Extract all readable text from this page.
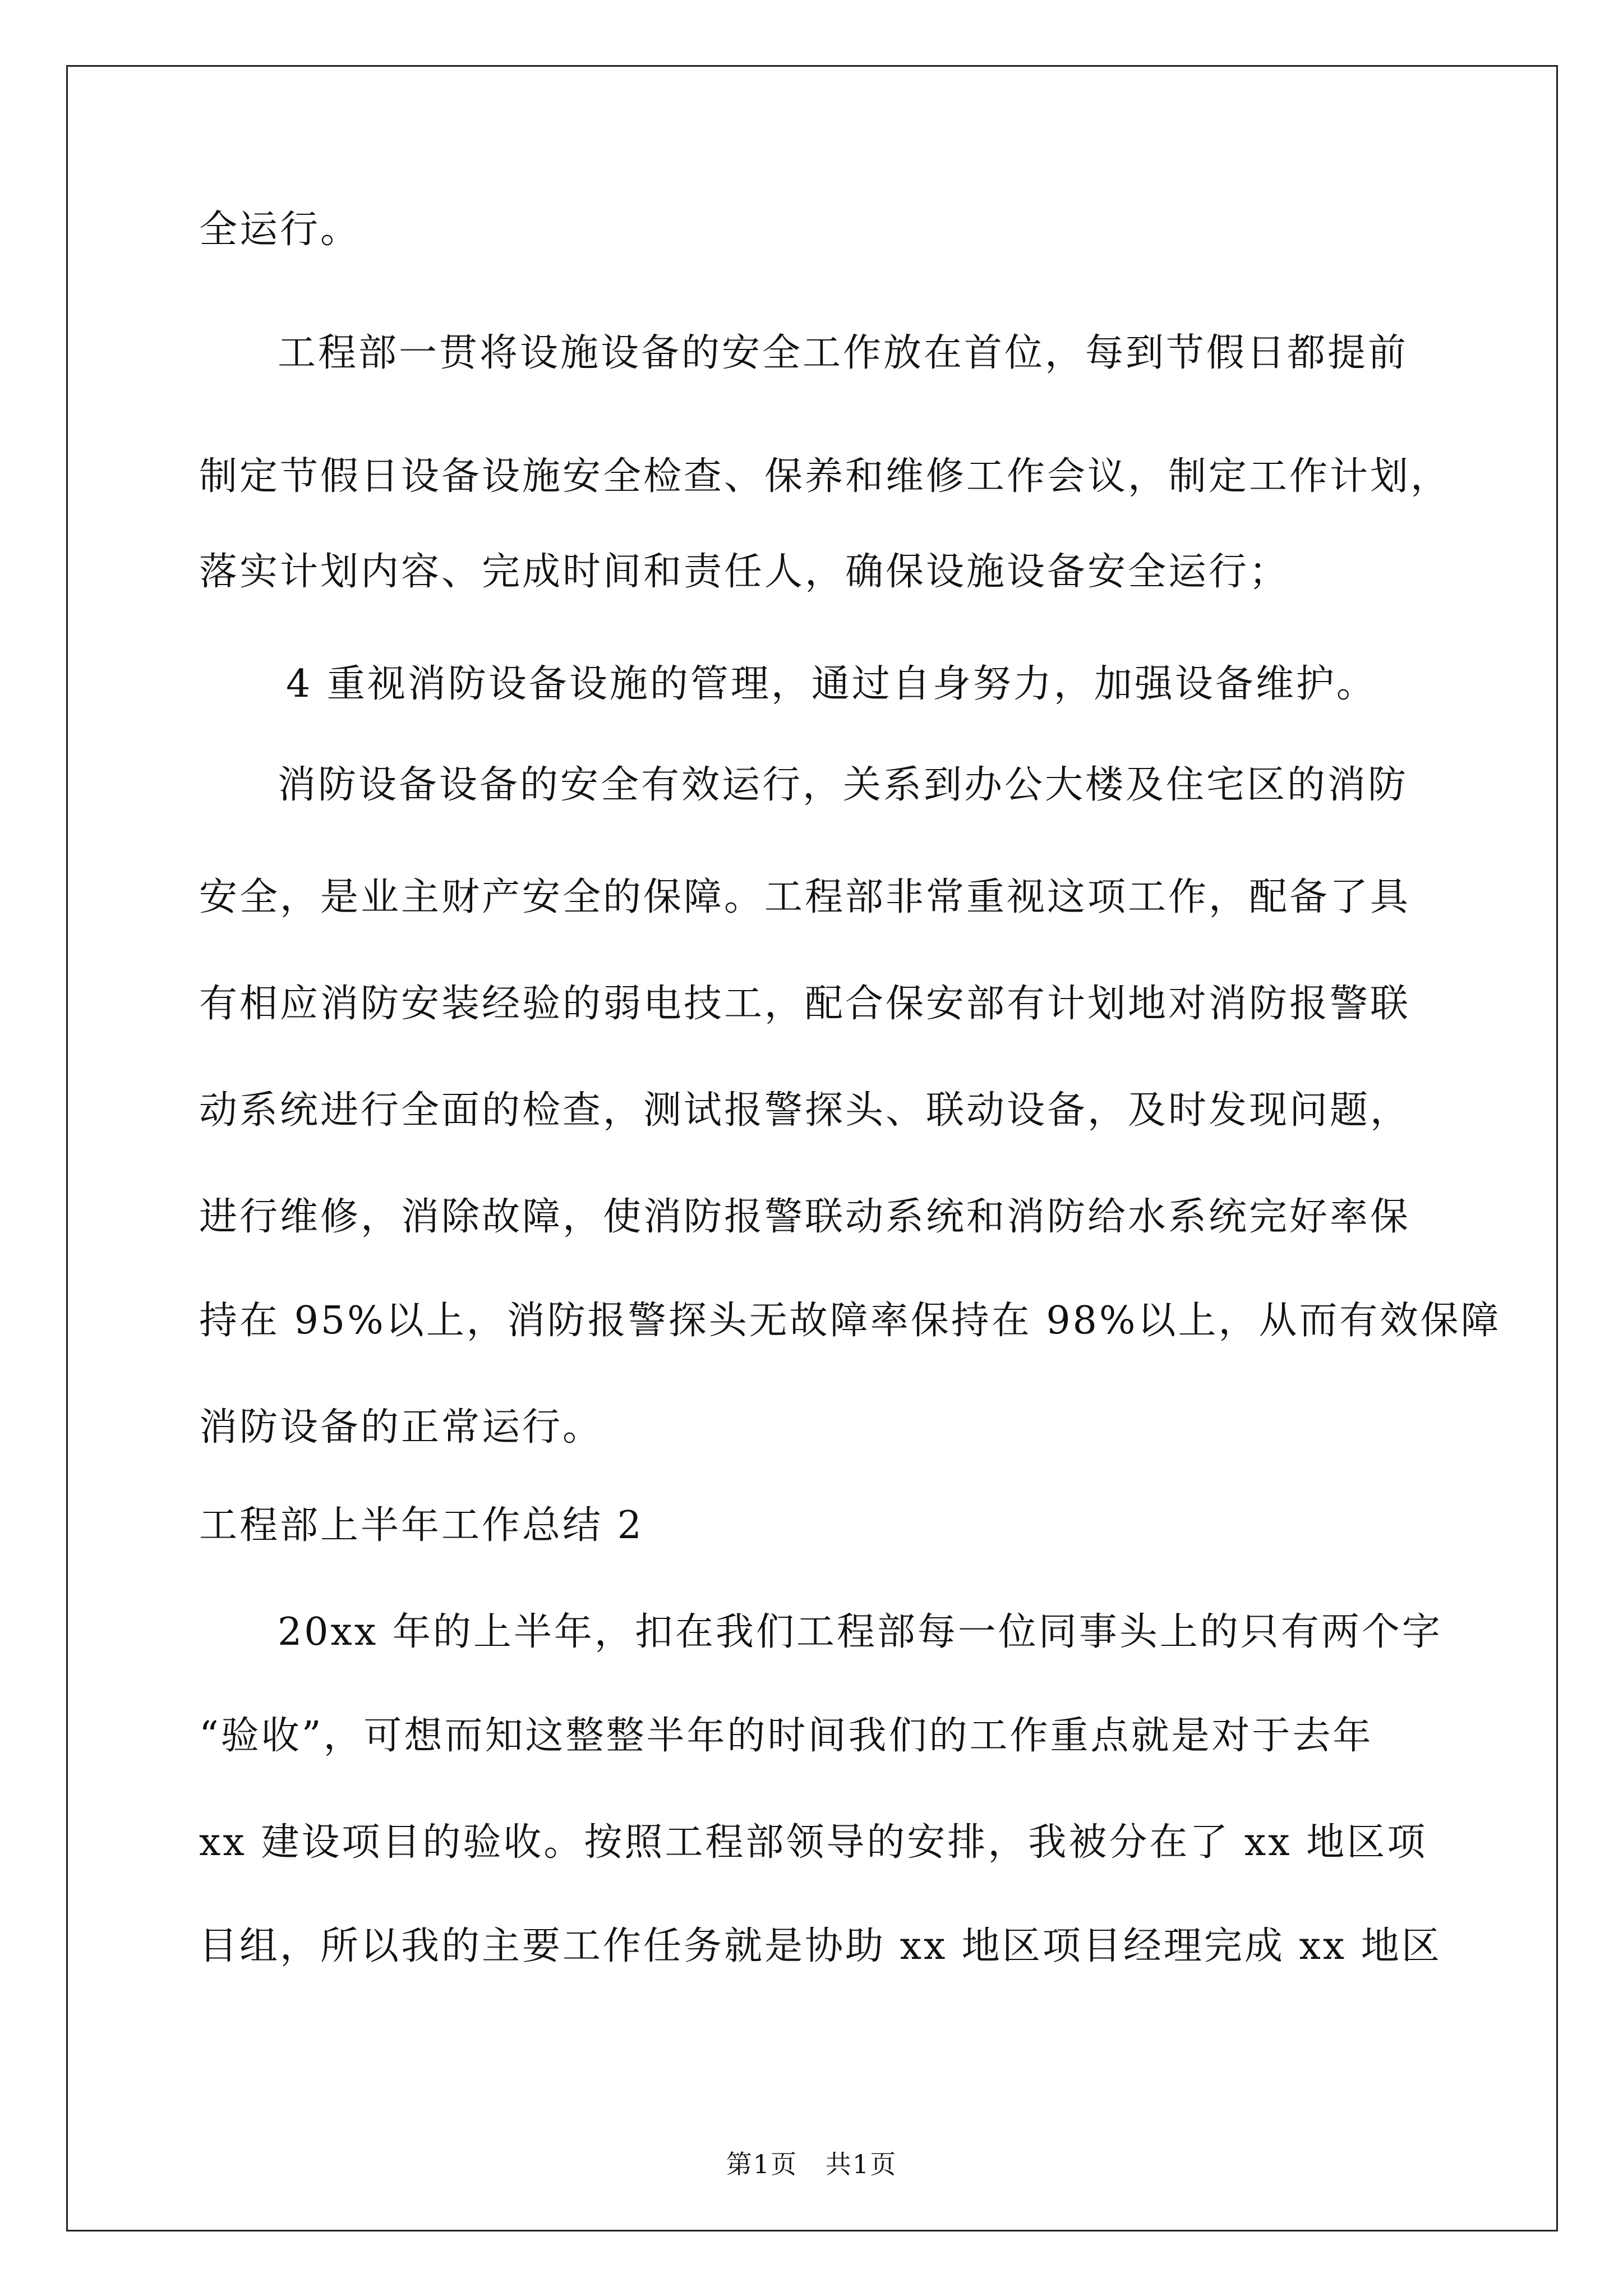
全运行。
工程部一贯将设施设备的安全工作放在首位，每到节假日都提前
制定节假日设备设施安全检查、保养和维修工作会议，制定工作计划，
落实计划内容、完成时间和责任人，确保设施设备安全运行；
4 重视消防设备设施的管理，通过自身努力，加强设备维护。
消防设备设备的安全有效运行，关系到办公大楼及住宅区的消防
安全，是业主财产安全的保障。工程部非常重视这项工作，配备了具
有相应消防安装经验的弱电技工，配合保安部有计划地对消防报警联
动系统进行全面的检查，测试报警探头、联动设备，及时发现问题，
进行维修，消除故障，使消防报警联动系统和消防给水系统完好率保
持在 95%以上，消防报警探头无故障率保持在 98%以上，从而有效保障
消防设备的正常运行。
工程部上半年工作总结 2
20xx 年的上半年，扣在我们工程部每一位同事头上的只有两个字
“验收”，可想而知这整整半年的时间我们的工作重点就是对于去年
xx 建设项目的验收。按照工程部领导的安排，我被分在了 xx 地区项
目组，所以我的主要工作任务就是协助 xx 地区项目经理完成 xx 地区
第1页   共1页
